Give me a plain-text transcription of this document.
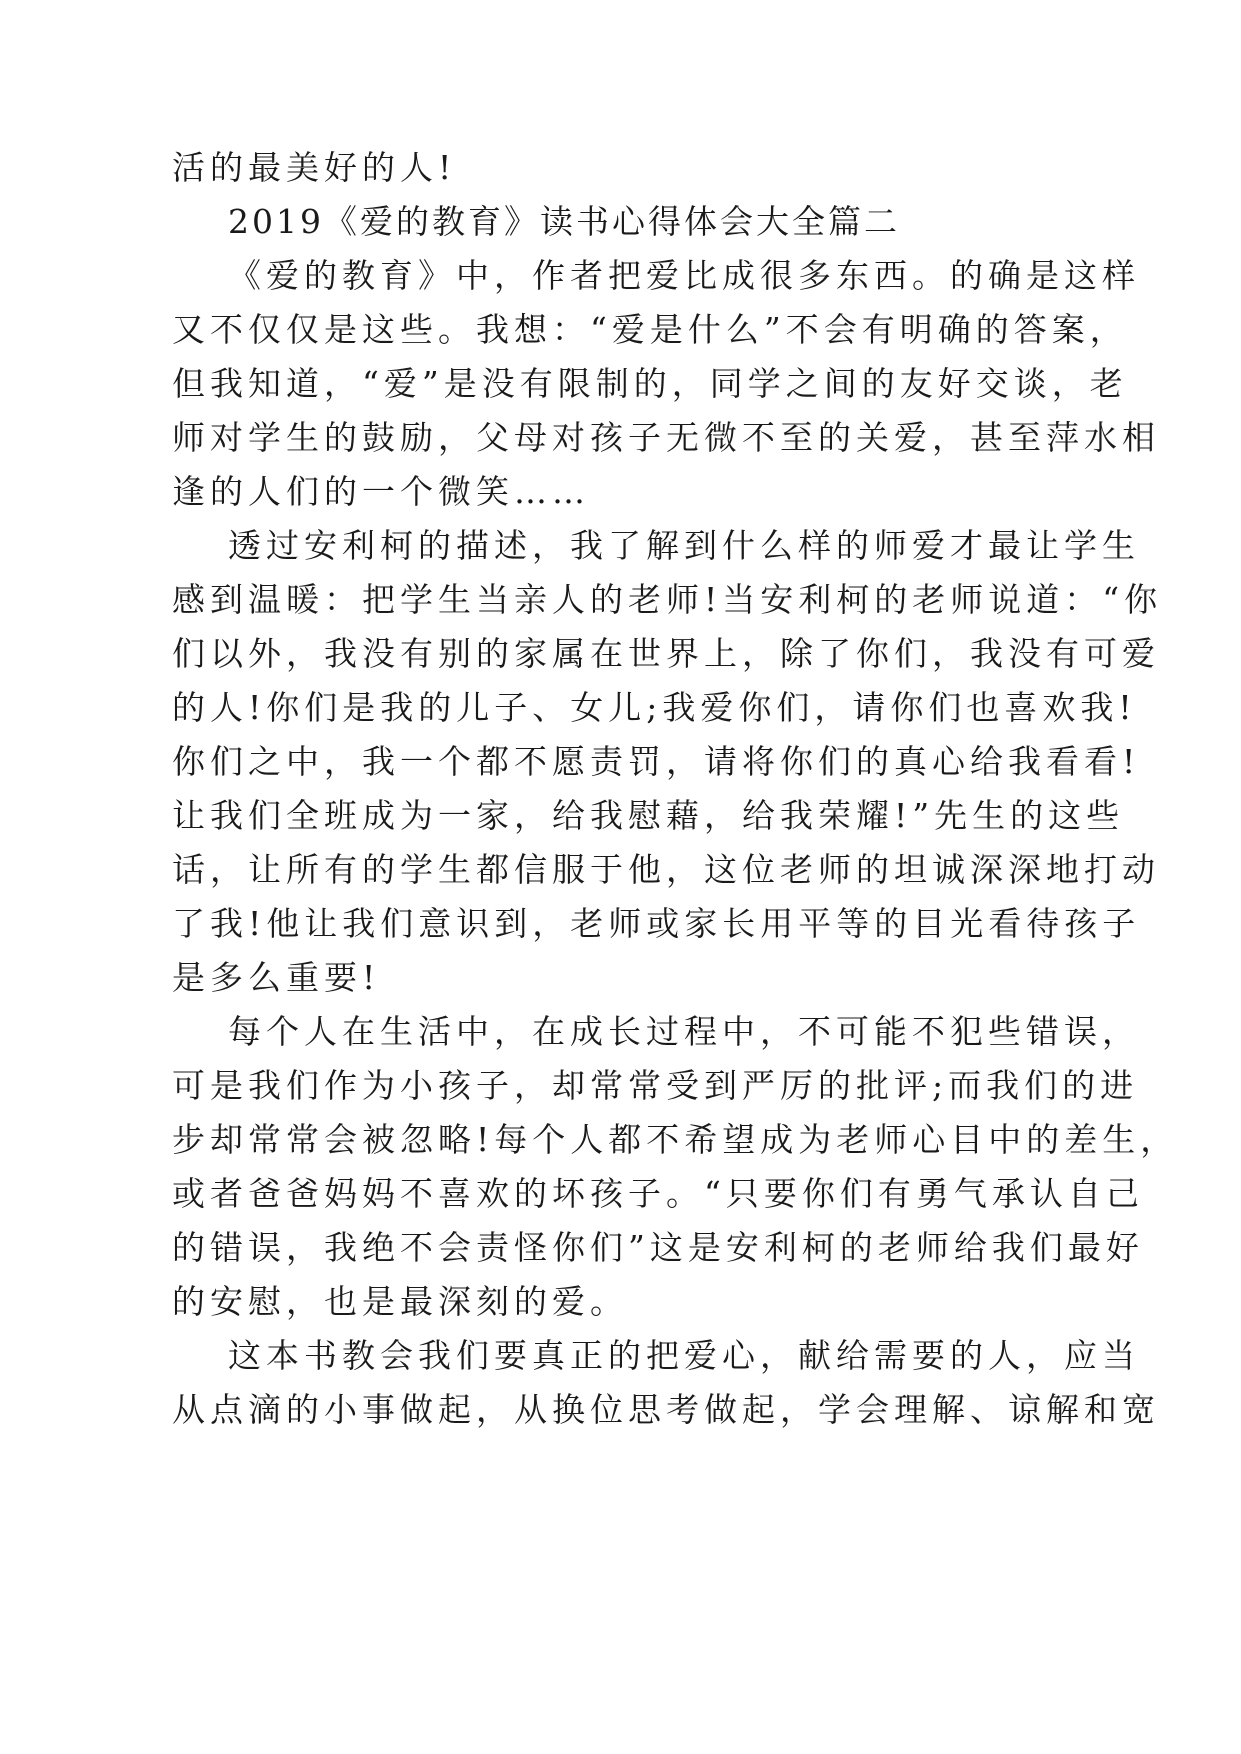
活的最美好的人!
2019《爱的教育》读书心得体会大全篇二
《爱的教育》中，作者把爱比成很多东西。的确是这样
又不仅仅是这些。我想：“爱是什么”不会有明确的答案，
但我知道，“爱”是没有限制的，同学之间的友好交谈，老
师对学生的鼓励，父母对孩子无微不至的关爱，甚至萍水相
逢的人们的一个微笑……
透过安利柯的描述，我了解到什么样的师爱才最让学生
感到温暖：把学生当亲人的老师!当安利柯的老师说道：“你
们以外，我没有别的家属在世界上，除了你们，我没有可爱
的人!你们是我的儿子、女儿;我爱你们，请你们也喜欢我!
你们之中，我一个都不愿责罚，请将你们的真心给我看看!
让我们全班成为一家，给我慰藉，给我荣耀!”先生的这些
话，让所有的学生都信服于他，这位老师的坦诚深深地打动
了我!他让我们意识到，老师或家长用平等的目光看待孩子
是多么重要!
每个人在生活中，在成长过程中，不可能不犯些错误，
可是我们作为小孩子，却常常受到严厉的批评;而我们的进
步却常常会被忽略!每个人都不希望成为老师心目中的差生，
或者爸爸妈妈不喜欢的坏孩子。“只要你们有勇气承认自己
的错误，我绝不会责怪你们”这是安利柯的老师给我们最好
的安慰，也是最深刻的爱。
这本书教会我们要真正的把爱心，献给需要的人，应当
从点滴的小事做起，从换位思考做起，学会理解、谅解和宽
